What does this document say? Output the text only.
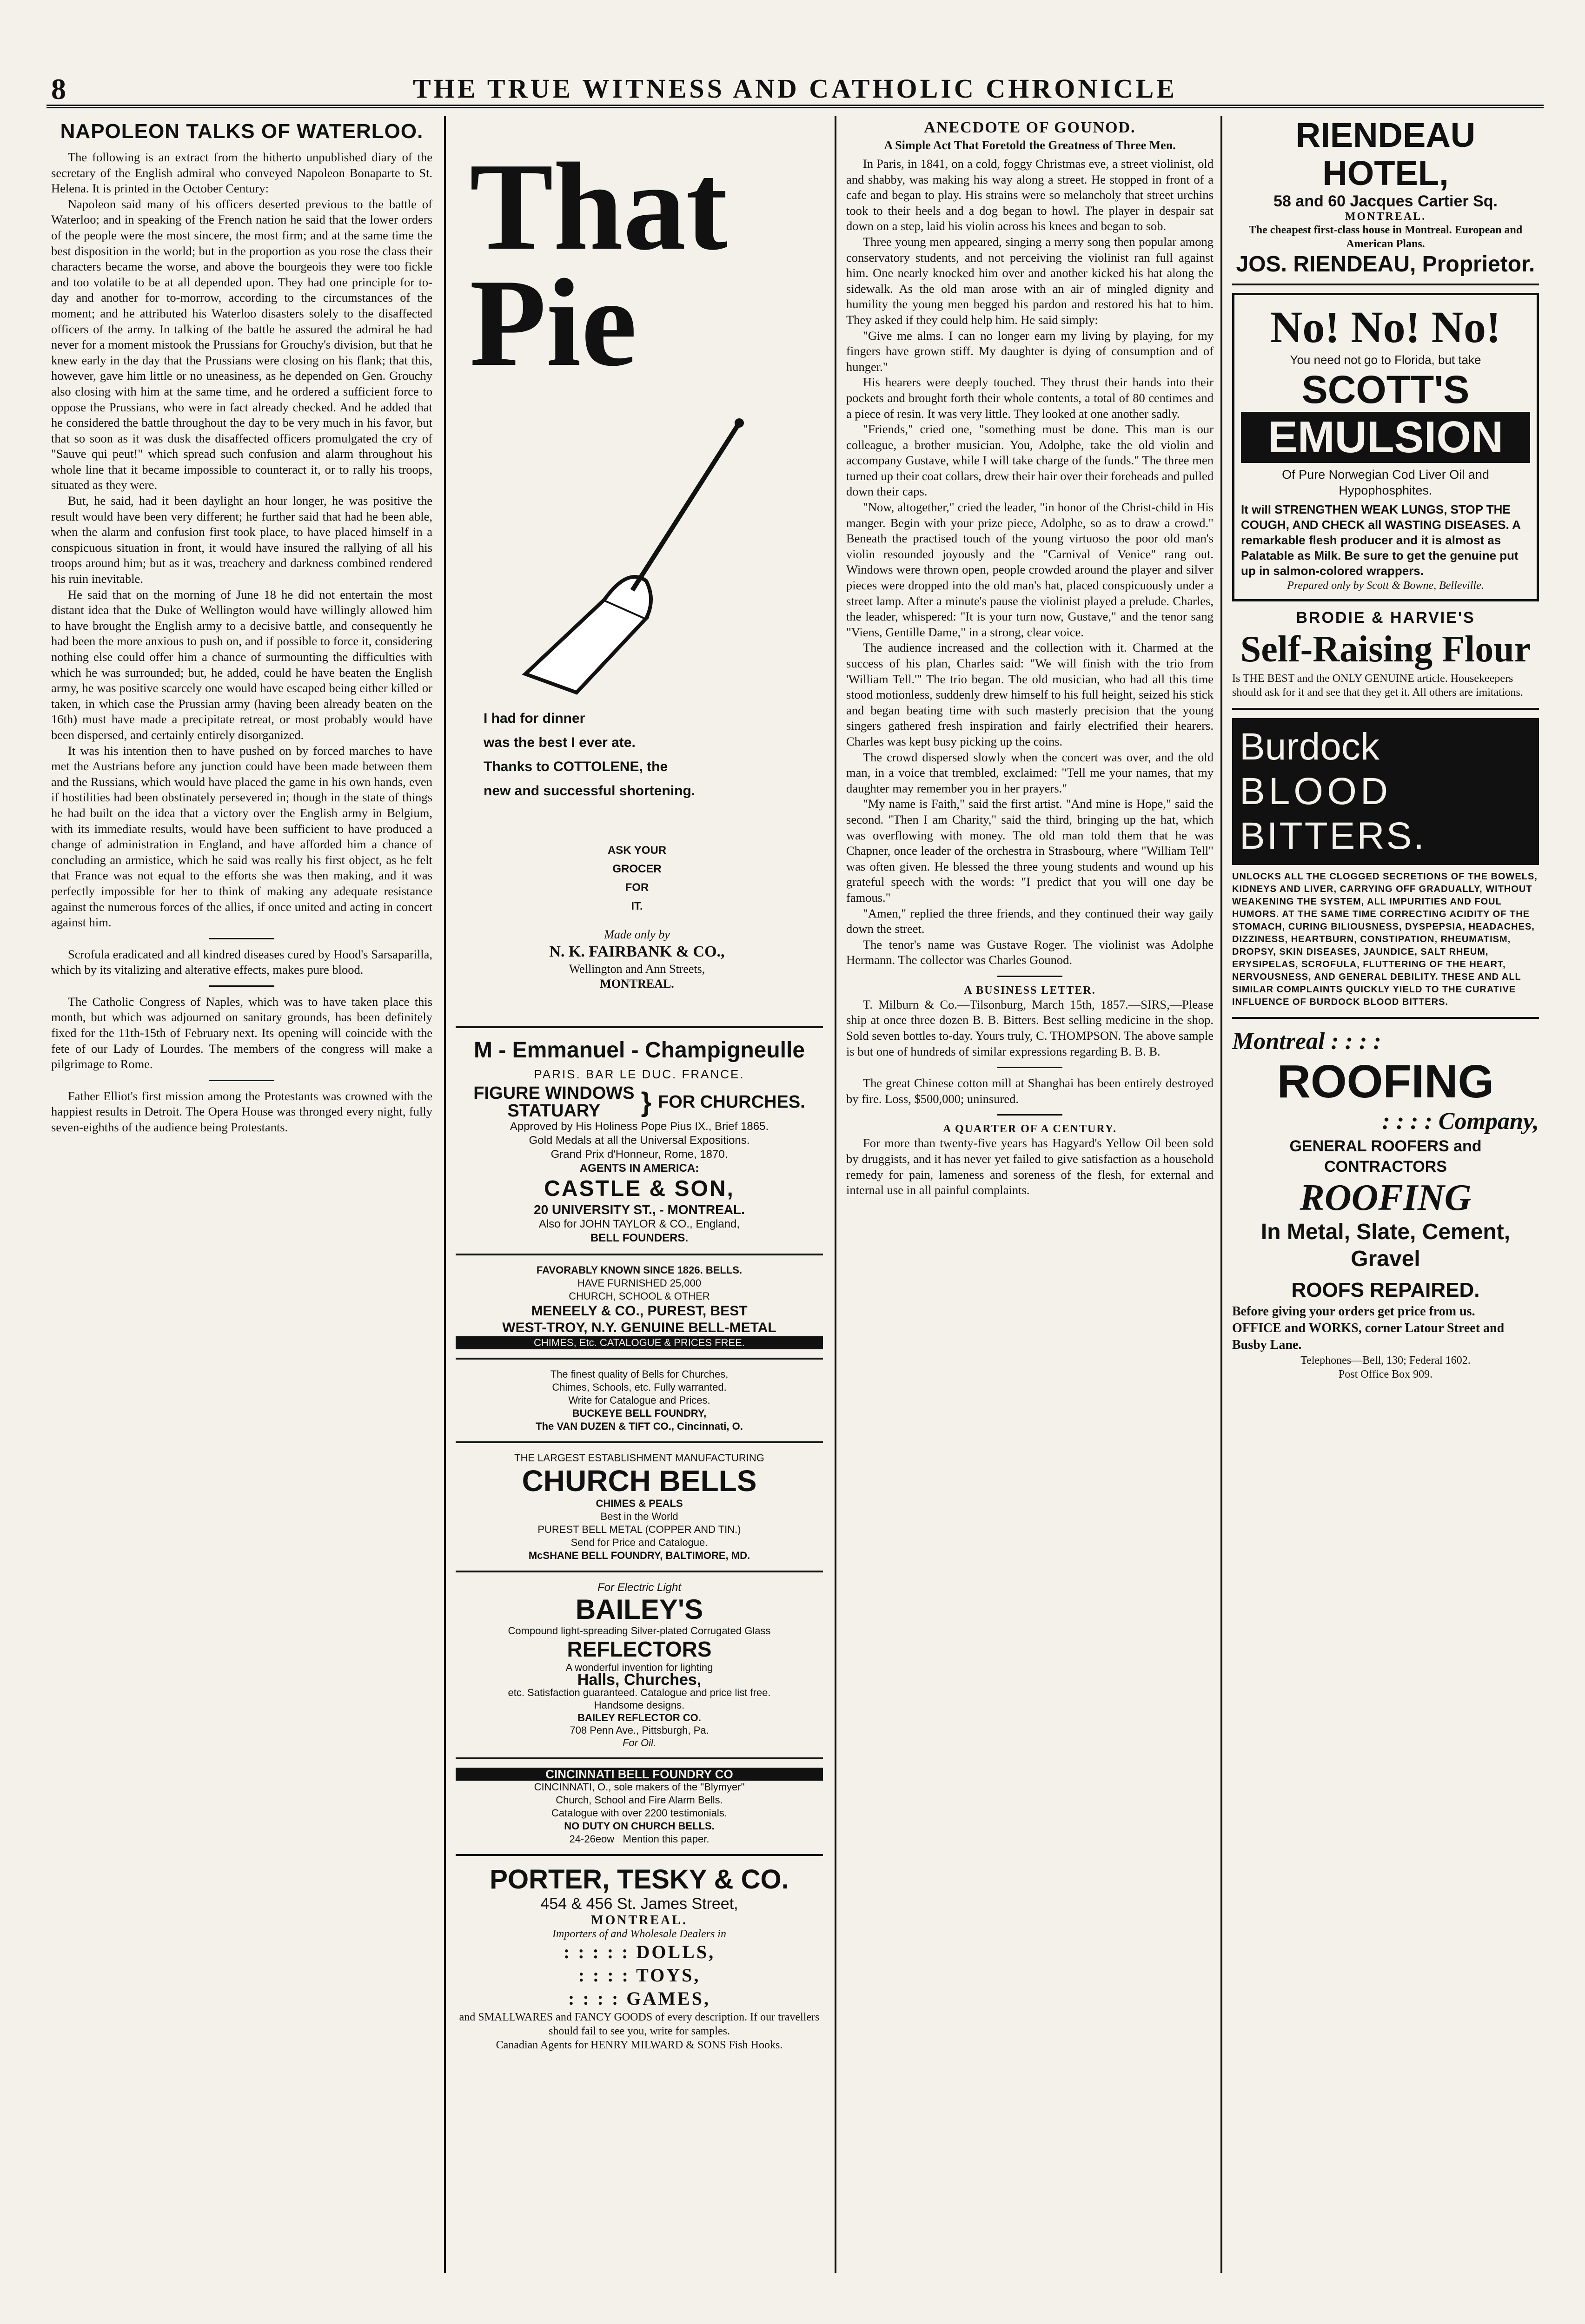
8	THE TRUE WITNESS AND CATHOLIC CHRONICLE
NAPOLEON TALKS OF WATERLOO.

The following is an extract from the hitherto unpublished diary of the secretary of the English admiral who conveyed Napoleon Bonaparte to St. Helena. It is printed in the October Century:

Napoleon said many of his officers deserted previous to the battle of Waterloo; and in speaking of the French nation he said that the lower orders of the people were the most sincere, the most firm; and at the same time the best disposition in the world; but in the proportion as you rose the class their characters became the worse, and above the bourgeois they were too fickle and too volatile to be at all depended upon. They had one principle for to-day and another for to-morrow, according to the circumstances of the moment; and he attributed his Waterloo disasters solely to the disaffected officers of the army. In talking of the battle he assured the admiral he had never for a moment mistook the Prussians for Grouchy's division, but that he knew early in the day that the Prussians were closing on his flank; that this, however, gave him little or no uneasiness, as he depended on Gen. Grouchy also closing with him at the same time, and he ordered a sufficient force to oppose the Prussians, who were in fact already checked. And he added that he considered the battle throughout the day to be very much in his favor, but that so soon as it was dusk the disaffected officers promulgated the cry of "Sauve qui peut!" which spread such confusion and alarm throughout his whole line that it became impossible to counteract it, or to rally his troops, situated as they were.

But, he said, had it been daylight an hour longer, he was positive the result would have been very different; he further said that had he been able, when the alarm and confusion first took place, to have placed himself in a conspicuous situation in front, it would have insured the rallying of all his troops around him; but as it was, treachery and darkness combined rendered his ruin inevitable.

He said that on the morning of June 18 he did not entertain the most distant idea that the Duke of Wellington would have willingly allowed him to have brought the English army to a decisive battle, and consequently he had been the more anxious to push on, and if possible to force it, considering nothing else could offer him a chance of surmounting the difficulties with which he was surrounded; but, he added, could he have beaten the English army, he was positive scarcely one would have escaped being either killed or taken, in which case the Prussian army (having been already beaten on the 16th) must have made a precipitate retreat, or most probably would have been dispersed, and certainly entirely disorganized.

It was his intention then to have pushed on by forced marches to have met the Austrians before any junction could have been made between them and the Russians, which would have placed the game in his own hands, even if hostilities had been obstinately persevered in; though in the state of things he had built on the idea that a victory over the English army in Belgium, with its immediate results, would have been sufficient to have produced a change of administration in England, and have afforded him a chance of concluding an armistice, which he said was really his first object, as he felt that France was not equal to the efforts she was then making, and it was perfectly impossible for her to think of making any adequate resistance against the numerous forces of the allies, if once united and acting in concert against him.

Scrofula eradicated and all kindred diseases cured by Hood's Sarsaparilla, which by its vitalizing and alterative effects, makes pure blood.

The Catholic Congress of Naples, which was to have taken place this month, but which was adjourned on sanitary grounds, has been definitely fixed for the 11th-15th of February next. Its opening will coincide with the fete of our Lady of Lourdes. The members of the congress will make a pilgrimage to Rome.

Father Elliot's first mission among the Protestants was crowned with the happiest results in Detroit. The Opera House was thronged every night, fully seven-eighths of the audience being Protestants.

That Pie
I had for dinner
was the best I ever ate.
Thanks to COTTOLENE, the
new and successful shortening.
ASK YOUR
GROCER
FOR
IT.
Made only by
N. K. FAIRBANK & CO.,
Wellington and Ann Streets,
MONTREAL.
M - Emmanuel - Champigneulle
PARIS. BAR LE DUC. FRANCE.
FIGURE WINDOWS
STATUARY	} FOR CHURCHES.
Approved by His Holiness Pope Pius IX., Brief 1865.
Gold Medals at all the Universal Expositions.
Grand Prix d'Honneur, Rome, 1870.
AGENTS IN AMERICA:
CASTLE & SON,
20 UNIVERSITY ST., - MONTREAL.
Also for JOHN TAYLOR & CO., England,
BELL FOUNDERS.
FAVORABLY KNOWN SINCE 1826. BELLS.
HAVE FURNISHED 25,000
CHURCH, SCHOOL & OTHER
MENEELY & CO., PUREST, BEST
WEST-TROY, N.Y. GENUINE BELL-METAL
CHIMES, Etc. CATALOGUE & PRICES FREE.
The finest quality of Bells for Churches,
Chimes, Schools, etc. Fully warranted.
Write for Catalogue and Prices.
BUCKEYE BELL FOUNDRY,
The VAN DUZEN & TIFT CO., Cincinnati, O.
THE LARGEST ESTABLISHMENT MANUFACTURING
CHURCH BELLS
CHIMES & PEALS
Best in the World
PUREST BELL METAL (COPPER AND TIN.)
Send for Price and Catalogue.
McSHANE BELL FOUNDRY, BALTIMORE, MD.
For Electric Light
BAILEY'S
Compound light-spreading Silver-plated Corrugated Glass
REFLECTORS
A wonderful invention for lighting
Halls, Churches,
etc. Satisfaction guaranteed. Catalogue and price list free.
Handsome designs.
BAILEY REFLECTOR CO.
708 Penn Ave., Pittsburgh, Pa.
For Oil.
CINCINNATI BELL FOUNDRY CO
CINCINNATI, O., sole makers of the "Blymyer"
Church, School and Fire Alarm Bells.
Catalogue with over 2200 testimonials.
NO DUTY ON CHURCH BELLS.
24-26eow Mention this paper.
PORTER, TESKY & CO.
454 & 456 St. James Street,
MONTREAL.
Importers of and Wholesale Dealers in
: : : : : DOLLS,
: : : : TOYS,
: : : : GAMES,
and SMALLWARES and FANCY GOODS of every description. If our travellers should fail to see you, write for samples.
Canadian Agents for HENRY MILWARD & SONS Fish Hooks.
ANECDOTE OF GOUNOD.
A Simple Act That Foretold the Greatness of Three Men.

In Paris, in 1841, on a cold, foggy Christmas eve, a street violinist, old and shabby, was making his way along a street. He stopped in front of a cafe and began to play. His strains were so melancholy that street urchins took to their heels and a dog began to howl. The player in despair sat down on a step, laid his violin across his knees and began to sob.

Three young men appeared, singing a merry song then popular among conservatory students, and not perceiving the violinist ran full against him. One nearly knocked him over and another kicked his hat along the sidewalk. As the old man arose with an air of mingled dignity and humility the young men begged his pardon and restored his hat to him. They asked if they could help him. He said simply:

"Give me alms. I can no longer earn my living by playing, for my fingers have grown stiff. My daughter is dying of consumption and of hunger."

His hearers were deeply touched. They thrust their hands into their pockets and brought forth their whole contents, a total of 80 centimes and a piece of resin. It was very little. They looked at one another sadly.

"Friends," cried one, "something must be done. This man is our colleague, a brother musician. You, Adolphe, take the old violin and accompany Gustave, while I will take charge of the funds." The three men turned up their coat collars, drew their hair over their foreheads and pulled down their caps.

"Now, altogether," cried the leader, "in honor of the Christ-child in His manger. Begin with your prize piece, Adolphe, so as to draw a crowd." Beneath the practised touch of the young virtuoso the poor old man's violin resounded joyously and the "Carnival of Venice" rang out. Windows were thrown open, people crowded around the player and silver pieces were dropped into the old man's hat, placed conspicuously under a street lamp. After a minute's pause the violinist played a prelude. Charles, the leader, whispered: "It is your turn now, Gustave," and the tenor sang "Viens, Gentille Dame," in a strong, clear voice.

The audience increased and the collection with it. Charmed at the success of his plan, Charles said: "We will finish with the trio from 'William Tell.'" The trio began. The old musician, who had all this time stood motionless, suddenly drew himself to his full height, seized his stick and began beating time with such masterly precision that the young singers gathered fresh inspiration and fairly electrified their hearers. Charles was kept busy picking up the coins.

The crowd dispersed slowly when the concert was over, and the old man, in a voice that trembled, exclaimed: "Tell me your names, that my daughter may remember you in her prayers."

"My name is Faith," said the first artist. "And mine is Hope," said the second. "Then I am Charity," said the third, bringing up the hat, which was overflowing with money. The old man told them that he was Chapner, once leader of the orchestra in Strasbourg, where "William Tell" was often given. He blessed the three young students and wound up his grateful speech with the words: "I predict that you will one day be famous."

"Amen," replied the three friends, and they continued their way gaily down the street.

The tenor's name was Gustave Roger. The violinist was Adolphe Hermann. The collector was Charles Gounod.

A BUSINESS LETTER.

T. Milburn & Co.—Tilsonburg, March 15th, 1857.—SIRS,—Please ship at once three dozen B. B. Bitters. Best selling medicine in the shop. Sold seven bottles to-day. Yours truly, C. THOMPSON. The above sample is but one of hundreds of similar expressions regarding B. B. B.

The great Chinese cotton mill at Shanghai has been entirely destroyed by fire. Loss, $500,000; uninsured.

A QUARTER OF A CENTURY.

For more than twenty-five years has Hagyard's Yellow Oil been sold by druggists, and it has never yet failed to give satisfaction as a household remedy for pain, lameness and soreness of the flesh, for external and internal use in all painful complaints.

RIENDEAU HOTEL,
58 and 60 Jacques Cartier Sq.
MONTREAL.
The cheapest first-class house in Montreal. European and American Plans.
JOS. RIENDEAU, Proprietor.
No! No! No!
You need not go to Florida, but take
SCOTT'S
EMULSION
Of Pure Norwegian Cod Liver Oil and Hypophosphites.
It will STRENGTHEN WEAK LUNGS, STOP THE COUGH, AND CHECK all WASTING DISEASES. A remarkable flesh producer and it is almost as Palatable as Milk. Be sure to get the genuine put up in salmon-colored wrappers.
Prepared only by Scott & Bowne, Belleville.
BRODIE & HARVIE'S
Self-Raising Flour
Is THE BEST and the ONLY GENUINE article. Housekeepers should ask for it and see that they get it. All others are imitations.
Burdock
BLOOD
BITTERS.
UNLOCKS ALL THE CLOGGED SECRETIONS OF THE BOWELS, KIDNEYS AND LIVER, CARRYING OFF GRADUALLY, WITHOUT WEAKENING THE SYSTEM, ALL IMPURITIES AND FOUL HUMORS. AT THE SAME TIME CORRECTING ACIDITY OF THE STOMACH, CURING BILIOUSNESS, DYSPEPSIA, HEADACHES, DIZZINESS, HEARTBURN, CONSTIPATION, RHEUMATISM, DROPSY, SKIN DISEASES, JAUNDICE, SALT RHEUM, ERYSIPELAS, SCROFULA, FLUTTERING OF THE HEART, NERVOUSNESS, AND GENERAL DEBILITY. THESE AND ALL SIMILAR COMPLAINTS QUICKLY YIELD TO THE CURATIVE INFLUENCE OF BURDOCK BLOOD BITTERS.
Montreal : : : :
ROOFING
: : : : Company,
GENERAL ROOFERS and CONTRACTORS
ROOFING
In Metal, Slate, Cement, Gravel
ROOFS REPAIRED.
Before giving your orders get price from us.
OFFICE and WORKS, corner Latour Street and Busby Lane.
Telephones—Bell, 130; Federal 1602.
Post Office Box 909.
